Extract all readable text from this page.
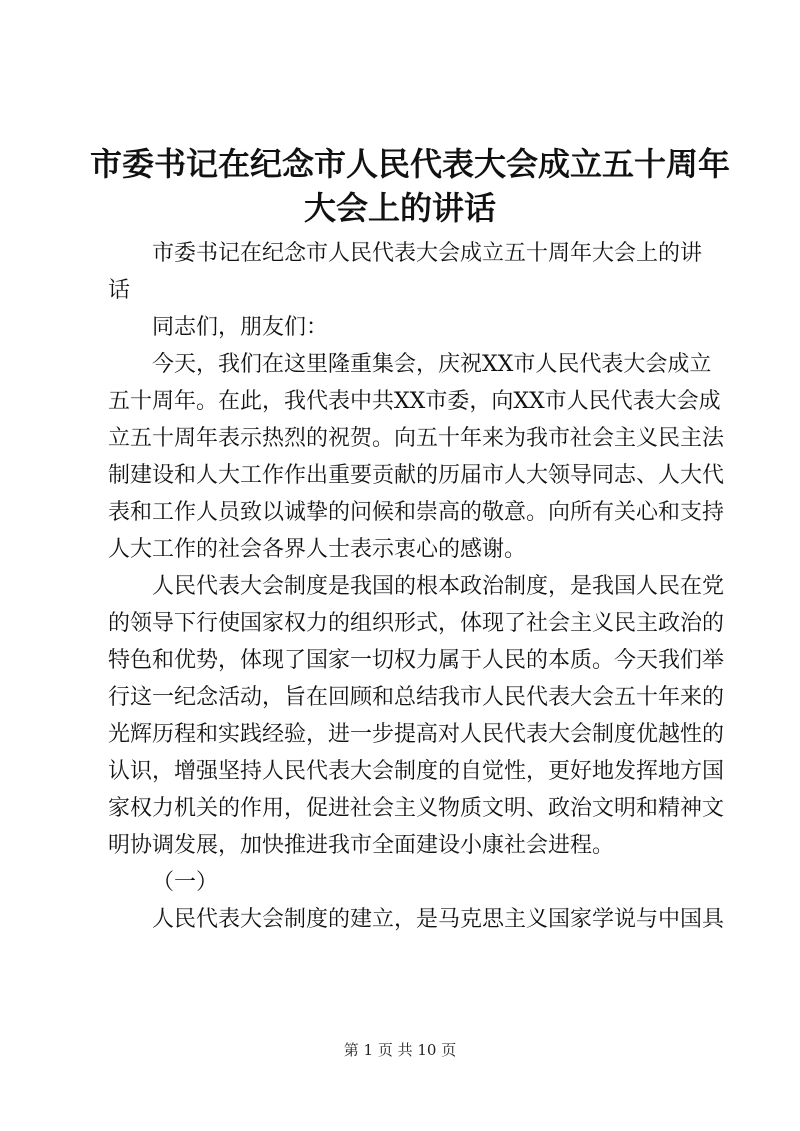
市委书记在纪念市人民代表大会成立五十周年
大会上的讲话
市委书记在纪念市人民代表大会成立五十周年大会上的讲
话
同志们，朋友们：
今天，我们在这里隆重集会，庆祝XX市人民代表大会成立
五十周年。在此，我代表中共XX市委，向XX市人民代表大会成
立五十周年表示热烈的祝贺。向五十年来为我市社会主义民主法
制建设和人大工作作出重要贡献的历届市人大领导同志、人大代
表和工作人员致以诚挚的问候和崇高的敬意。向所有关心和支持
人大工作的社会各界人士表示衷心的感谢。
人民代表大会制度是我国的根本政治制度，是我国人民在党
的领导下行使国家权力的组织形式，体现了社会主义民主政治的
特色和优势，体现了国家一切权力属于人民的本质。今天我们举
行这一纪念活动，旨在回顾和总结我市人民代表大会五十年来的
光辉历程和实践经验，进一步提高对人民代表大会制度优越性的
认识，增强坚持人民代表大会制度的自觉性，更好地发挥地方国
家权力机关的作用，促进社会主义物质文明、政治文明和精神文
明协调发展，加快推进我市全面建设小康社会进程。
（一）
人民代表大会制度的建立，是马克思主义国家学说与中国具
第 1 页 共 10 页
